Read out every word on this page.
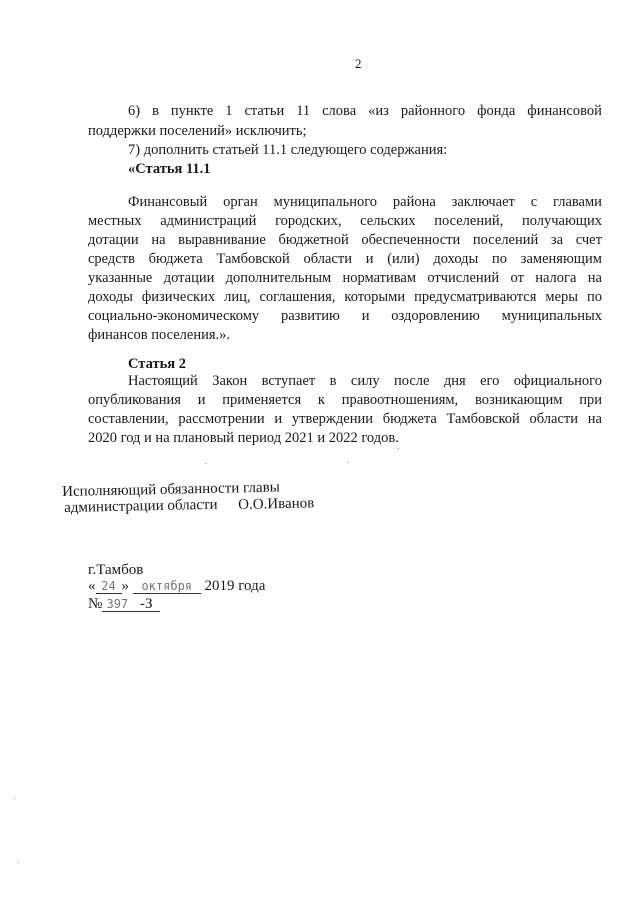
2
6) в пункте 1 статьи 11 слова «из районного фонда финансовой
поддержки поселений» исключить;
7) дополнить статьей 11.1 следующего содержания:
«Статья 11.1
Финансовый орган муниципального района заключает с главами
местных администраций городских, сельских поселений, получающих
дотации на выравнивание бюджетной обеспеченности поселений за счет
средств бюджета Тамбовской области и (или) доходы по заменяющим
указанные дотации дополнительным нормативам отчислений от налога на
доходы физических лиц, соглашения, которыми предусматриваются меры по
социально-экономическому развитию и оздоровлению муниципальных
финансов поселения.».
Статья 2
Настоящий Закон вступает в силу после дня его официального
опубликования и применяется к правоотношениям, возникающим при
составлении, рассмотрении и утверждении бюджета Тамбовской области на
2020 год и на плановый период 2021 и 2022 годов.
Исполняющий обязанности главы
администрации области О.О.Иванов
г.Тамбов
« 24 » октября 2019 года
№ 397 -З
